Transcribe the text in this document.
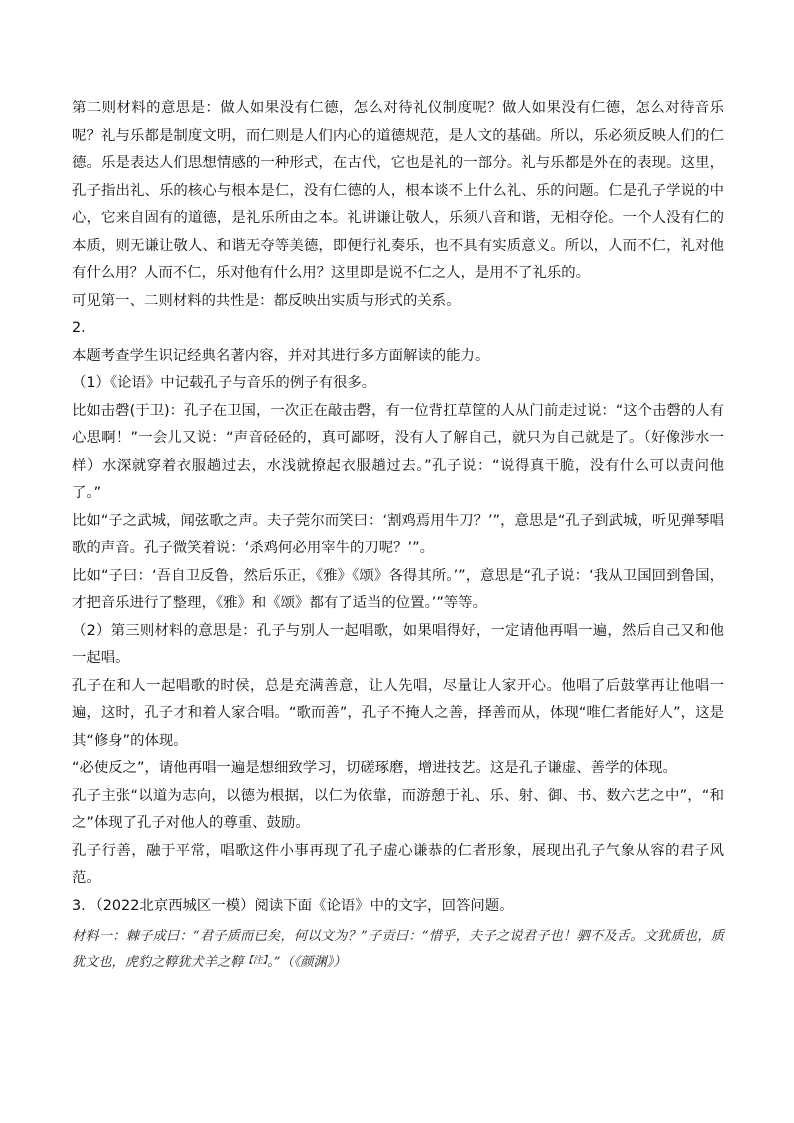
第二则材料的意思是：做人如果没有仁德，怎么对待礼仪制度呢？做人如果没有仁德，怎么对待音乐呢？礼与乐都是制度文明，而仁则是人们内心的道德规范，是人文的基础。所以，乐必须反映人们的仁德。乐是表达人们思想情感的一种形式，在古代，它也是礼的一部分。礼与乐都是外在的表现。这里，孔子指出礼、乐的核心与根本是仁，没有仁德的人，根本谈不上什么礼、乐的问题。仁是孔子学说的中心，它来自固有的道德，是礼乐所由之本。礼讲谦让敬人，乐须八音和谐，无相夺伦。一个人没有仁的本质，则无谦让敬人、和谐无夺等美德，即便行礼奏乐，也不具有实质意义。所以，人而不仁，礼对他有什么用？人而不仁，乐对他有什么用？这里即是说不仁之人，是用不了礼乐的。

可见第一、二则材料的共性是：都反映出实质与形式的关系。

2．

本题考查学生识记经典名著内容，并对其进行多方面解读的能力。

（1）《论语》中记载孔子与音乐的例子有很多。

比如击磬(于卫)：孔子在卫国，一次正在敲击磬，有一位背扛草筐的人从门前走过说：“这个击磬的人有心思啊！”一会儿又说：“声音硁硁的，真可鄙呀，没有人了解自己，就只为自己就是了。（好像涉水一样）水深就穿着衣服趟过去，水浅就撩起衣服趟过去。”孔子说：“说得真干脆，没有什么可以责问他了。”

比如“子之武城，闻弦歌之声。夫子莞尔而笑曰：‘割鸡焉用牛刀？’”，意思是“孔子到武城，听见弹琴唱歌的声音。孔子微笑着说：‘杀鸡何必用宰牛的刀呢？’”。

比如“子曰：‘吾自卫反鲁，然后乐正，《雅》《颂》各得其所。’”，意思是“孔子说：‘我从卫国回到鲁国，才把音乐进行了整理，《雅》和《颂》都有了适当的位置。’”等等。

（2）第三则材料的意思是：孔子与别人一起唱歌，如果唱得好，一定请他再唱一遍，然后自己又和他一起唱。

孔子在和人一起唱歌的时侯，总是充满善意，让人先唱，尽量让人家开心。他唱了后鼓掌再让他唱一遍，这时，孔子才和着人家合唱。“歌而善”，孔子不掩人之善，择善而从，体现“唯仁者能好人”，这是其“修身”的体现。

“必使反之”，请他再唱一遍是想细致学习，切磋琢磨，增进技艺。这是孔子谦虚、善学的体现。

孔子主张“以道为志向，以德为根据，以仁为依靠，而游憩于礼、乐、射、御、书、数六艺之中”，“和之”体现了孔子对他人的尊重、鼓励。

孔子行善，融于平常，唱歌这件小事再现了孔子虚心谦恭的仁者形象，展现出孔子气象从容的君子风范。

3．（2022北京西城区一模）阅读下面《论语》中的文字，回答问题。

材料一：棘子成曰：“君子质而已矣，何以文为？”子贡曰：“惜乎，夫子之说君子也！驷不及舌。文犹质也，质犹文也，虎豹之鞟犹犬羊之鞟$^{【注】}$。”（《颜渊》）
